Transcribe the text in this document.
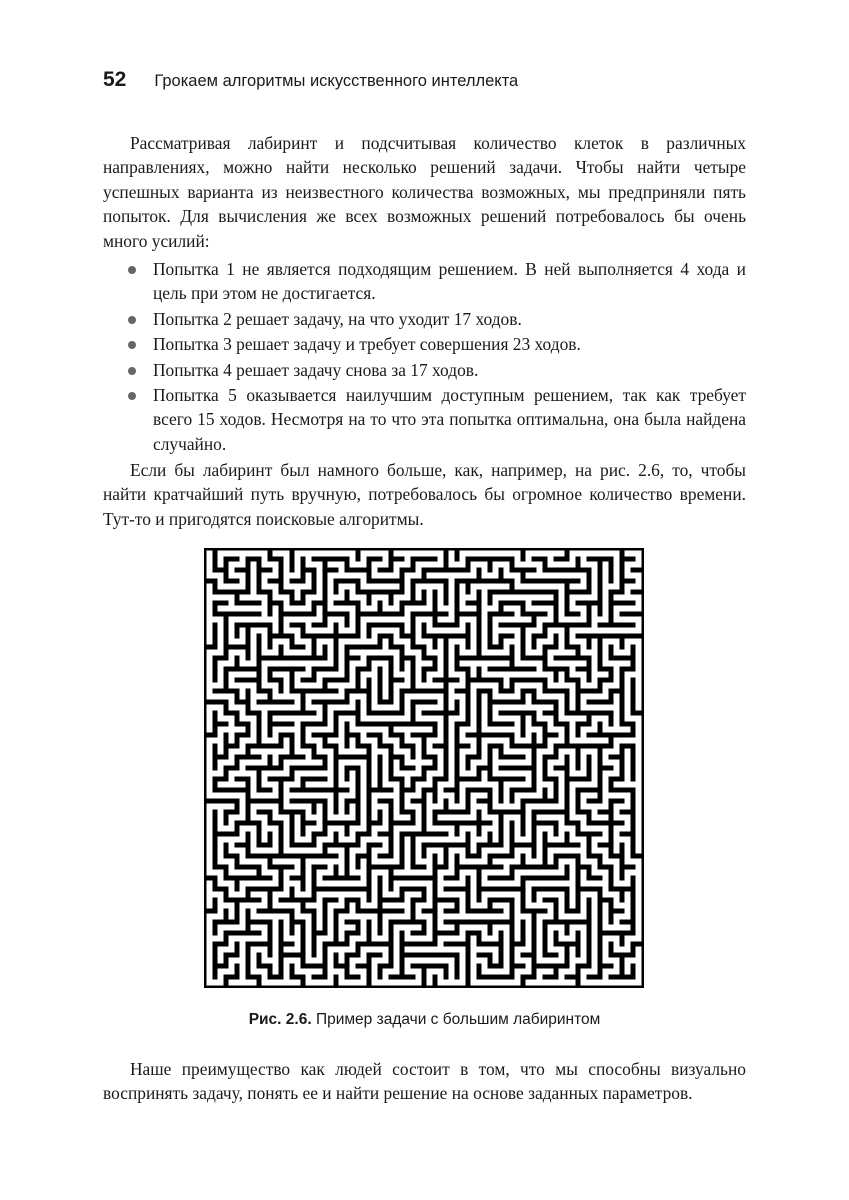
52 Грокаем алгоритмы искусственного интеллекта

Рассматривая лабиринт и подсчитывая количество клеток в различных направлениях, можно найти несколько решений задачи. Чтобы найти четыре успешных варианта из неизвестного количества возможных, мы предприняли пять попыток. Для вычисления же всех возможных решений потребовалось бы очень много усилий:

Попытка 1 не является подходящим решением. В ней выполняется 4 хода и цель при этом не достигается.
Попытка 2 решает задачу, на что уходит 17 ходов.
Попытка 3 решает задачу и требует совершения 23 ходов.
Попытка 4 решает задачу снова за 17 ходов.
Попытка 5 оказывается наилучшим доступным решением, так как требует всего 15 ходов. Несмотря на то что эта попытка оптимальна, она была найдена случайно.

Если бы лабиринт был намного больше, как, например, на рис. 2.6, то, чтобы найти кратчайший путь вручную, потребовалось бы огромное количество времени. Тут-то и пригодятся поисковые алгоритмы.

Рис. 2.6. Пример задачи с большим лабиринтом

Наше преимущество как людей состоит в том, что мы способны визуально воспринять задачу, понять ее и найти решение на основе заданных параметров.
